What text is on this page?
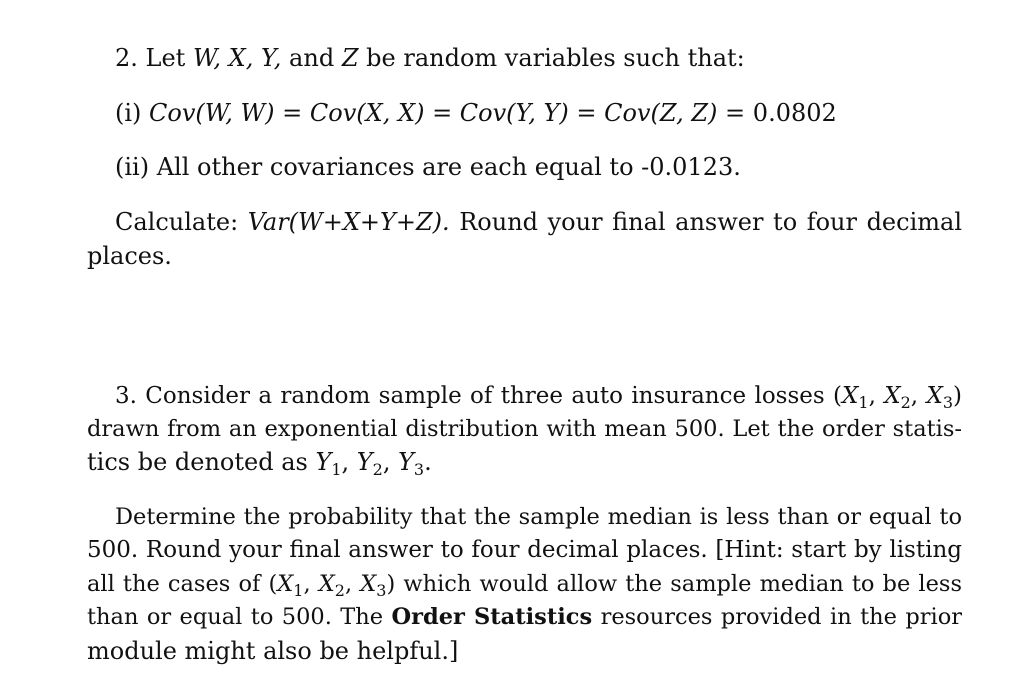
2. Let W, X, Y, and Z be random variables such that:
(i) Cov(W, W) = Cov(X, X) = Cov(Y, Y) = Cov(Z, Z) = 0.0802
(ii) All other covariances are each equal to -0.0123.
Calculate: Var(W+X+Y+Z). Round your final answer to four decimal
places.
3. Consider a random sample of three auto insurance losses ($X_1$, $X_2$, $X_3$)
drawn from an exponential distribution with mean 500. Let the order statis-
tics be denoted as $Y_1$, $Y_2$, $Y_3$.
Determine the probability that the sample median is less than or equal to
500. Round your final answer to four decimal places. [Hint: start by listing
all the cases of ($X_1$, $X_2$, $X_3$) which would allow the sample median to be less
than or equal to 500. The Order Statistics resources provided in the prior
module might also be helpful.]
